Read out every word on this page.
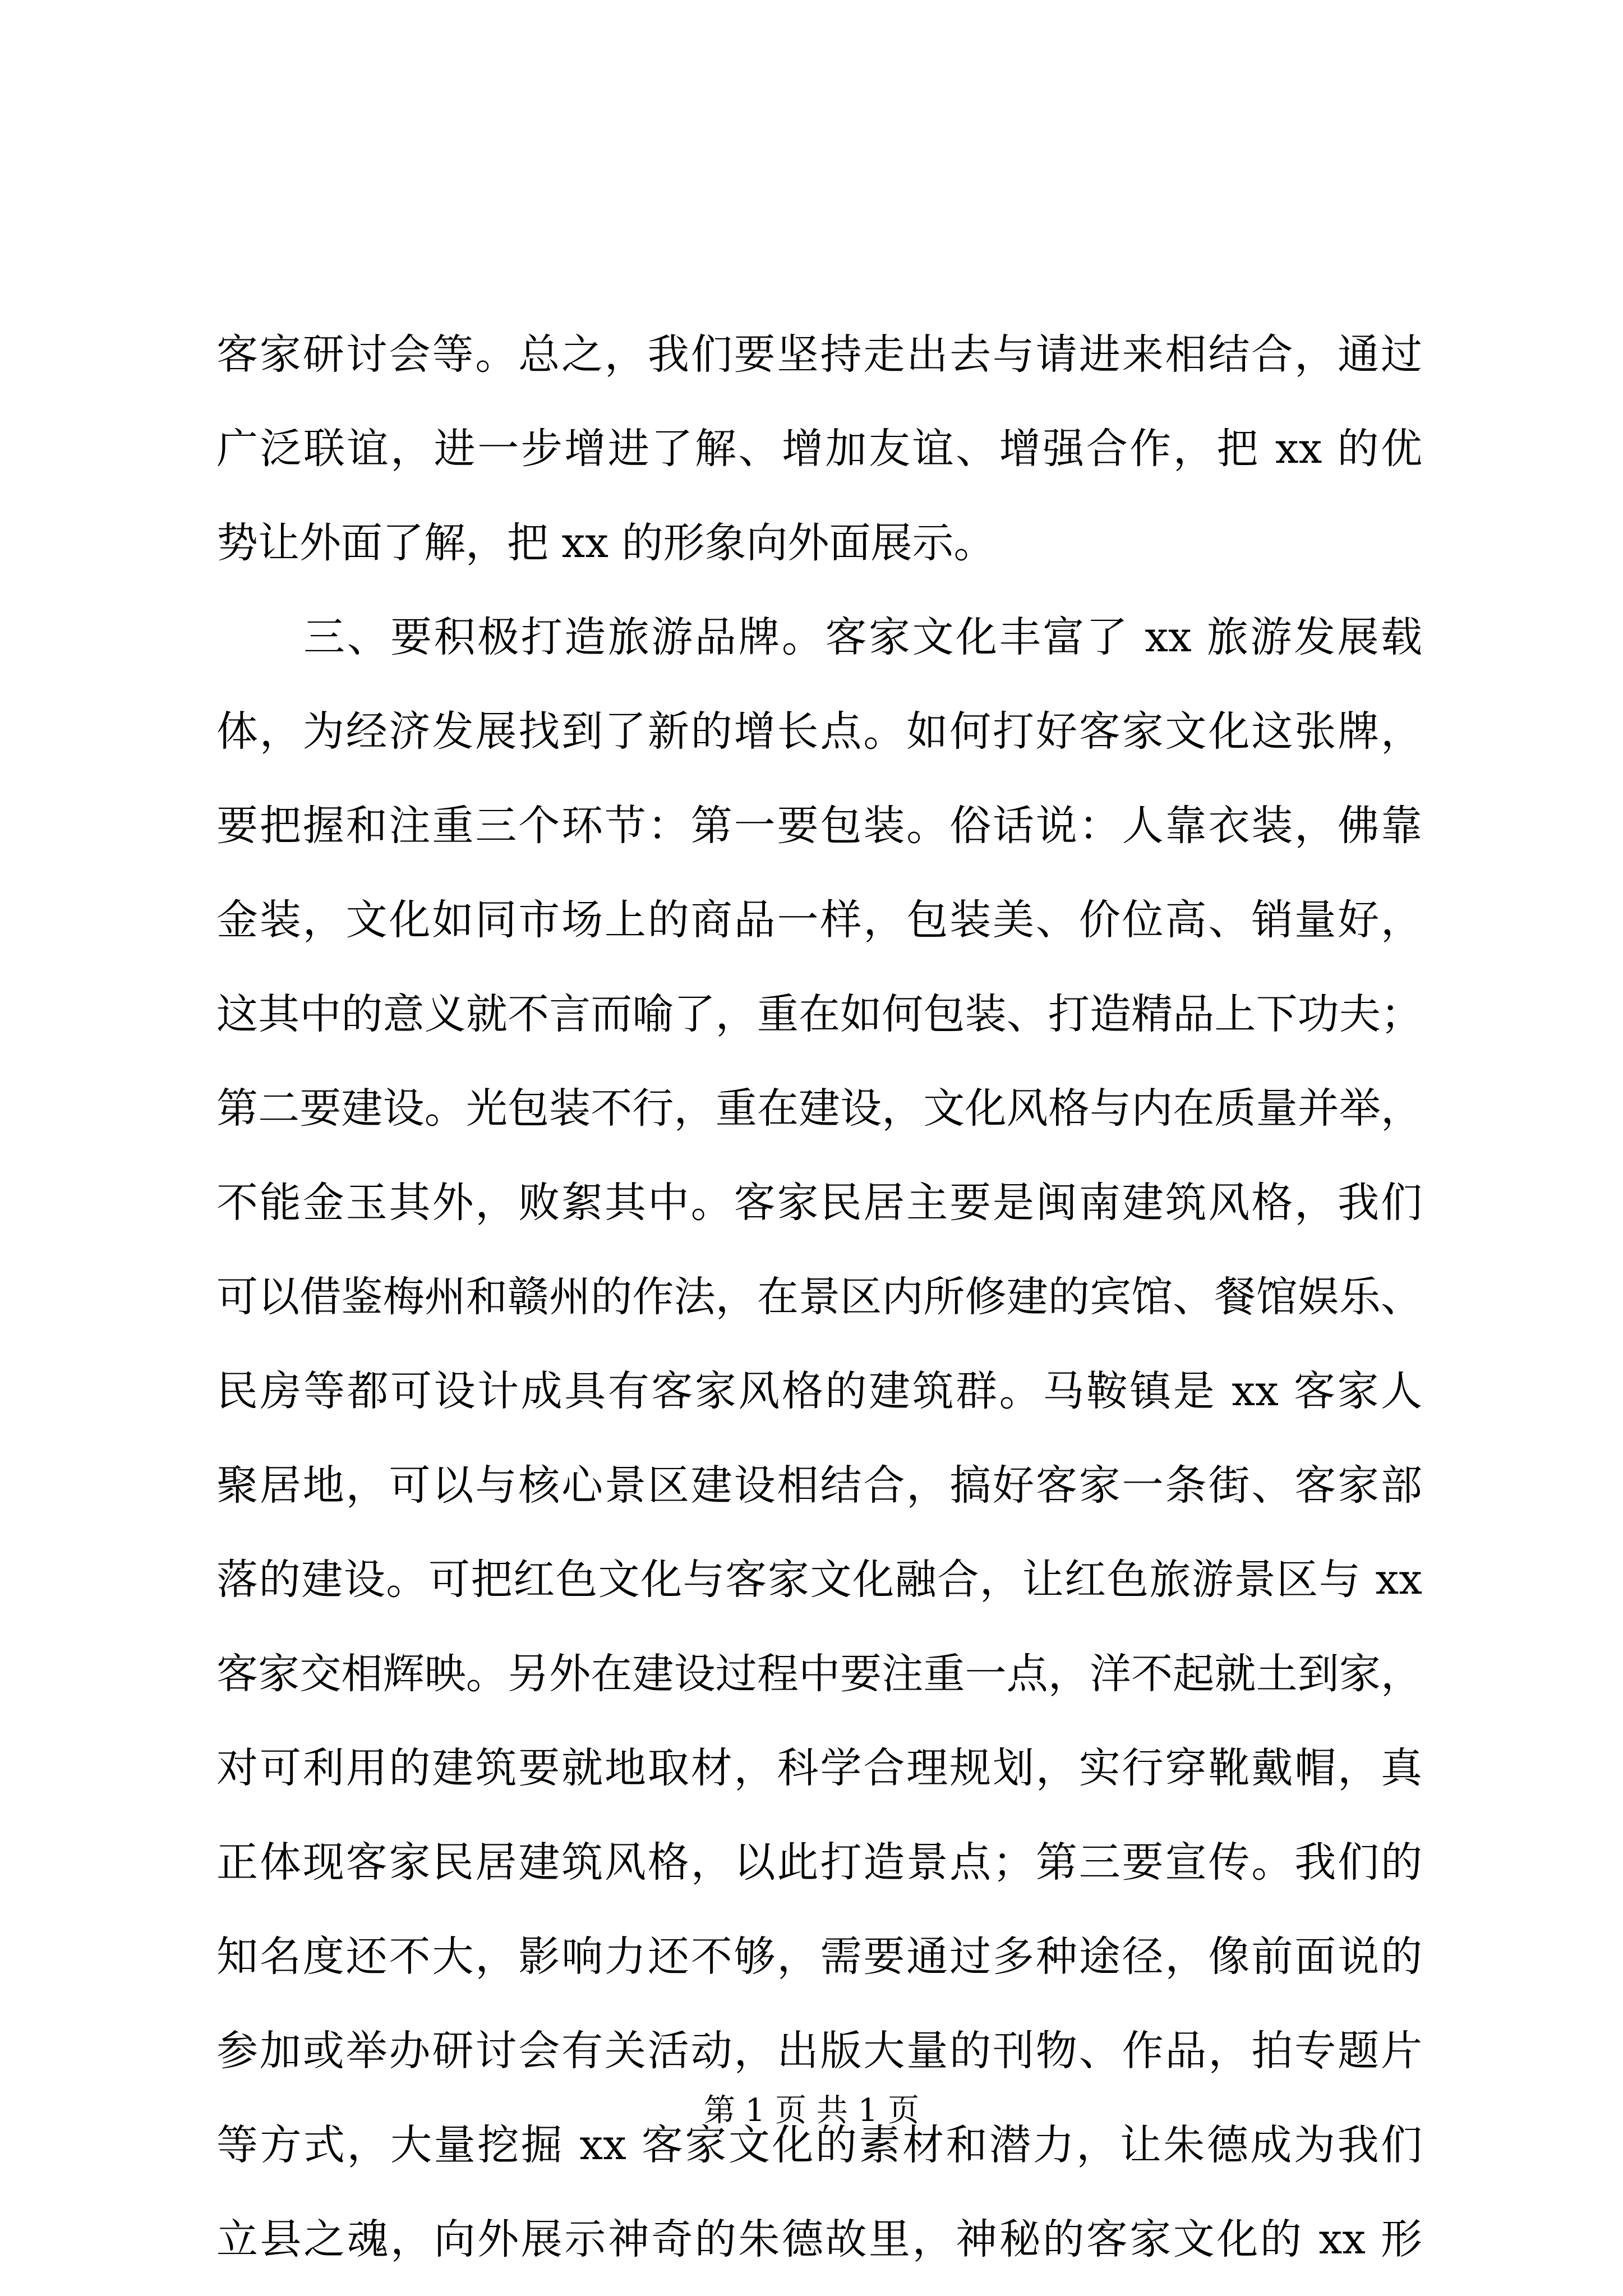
客家研讨会等。总之，我们要坚持走出去与请进来相结合，通过
广泛联谊，进一步增进了解、增加友谊、增强合作，把 xx 的优
势让外面了解，把 xx 的形象向外面展示。
　　三、要积极打造旅游品牌。客家文化丰富了 xx 旅游发展载
体，为经济发展找到了新的增长点。如何打好客家文化这张牌，
要把握和注重三个环节：第一要包装。俗话说：人靠衣装，佛靠
金装，文化如同市场上的商品一样，包装美、价位高、销量好，
这其中的意义就不言而喻了，重在如何包装、打造精品上下功夫；
第二要建设。光包装不行，重在建设，文化风格与内在质量并举，
不能金玉其外，败絮其中。客家民居主要是闽南建筑风格，我们
可以借鉴梅州和赣州的作法，在景区内所修建的宾馆、餐馆娱乐、
民房等都可设计成具有客家风格的建筑群。马鞍镇是 xx 客家人
聚居地，可以与核心景区建设相结合，搞好客家一条街、客家部
落的建设。可把红色文化与客家文化融合，让红色旅游景区与 xx
客家交相辉映。另外在建设过程中要注重一点，洋不起就土到家，
对可利用的建筑要就地取材，科学合理规划，实行穿靴戴帽，真
正体现客家民居建筑风格，以此打造景点；第三要宣传。我们的
知名度还不大，影响力还不够，需要通过多种途径，像前面说的
参加或举办研讨会有关活动，出版大量的刊物、作品，拍专题片
等方式，大量挖掘 xx 客家文化的素材和潜力，让朱德成为我们
立县之魂，向外展示神奇的朱德故里，神秘的客家文化的 xx 形
第 1 页 共 1 页
